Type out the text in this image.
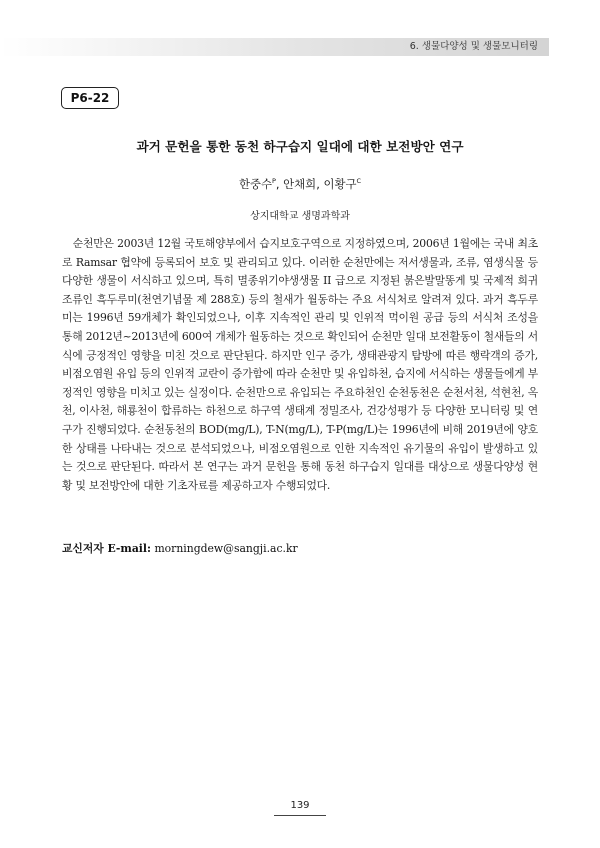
6. 생물다양성 및 생물모니터링
P6-22
과거 문헌을 통한 동천 하구습지 일대에 대한 보전방안 연구
한중수$^P$, 안채희, 이황구$^C$
상지대학교 생명과학과
순천만은 2003년 12월 국토해양부에서 습지보호구역으로 지정하였으며, 2006년 1월에는 국내 최초로 Ramsar 협약에 등록되어 보호 및 관리되고 있다. 이러한 순천만에는 저서생물과, 조류, 염생식물 등 다양한 생물이 서식하고 있으며, 특히 멸종위기야생생물 II 급으로 지정된 붉은발말똥게 및 국제적 희귀조류인 흑두루미(천연기념물 제 288호) 등의 철새가 월동하는 주요 서식처로 알려져 있다. 과거 흑두루미는 1996년 59개체가 확인되었으나, 이후 지속적인 관리 및 인위적 먹이원 공급 등의 서식처 조성을 통해 2012년~2013년에 600여 개체가 월동하는 것으로 확인되어 순천만 일대 보전활동이 철새들의 서식에 긍정적인 영향을 미친 것으로 판단된다. 하지만 인구 증가, 생태관광지 탐방에 따른 행락객의 증가, 비점오염원 유입 등의 인위적 교란이 증가함에 따라 순천만 및 유입하천, 습지에 서식하는 생물들에게 부정적인 영향을 미치고 있는 실정이다. 순천만으로 유입되는 주요하천인 순천동천은 순천서천, 석현천, 옥천, 이사천, 해룡천이 합류하는 하천으로 하구역 생태계 정밀조사, 건강성평가 등 다양한 모니터링 및 연구가 진행되었다. 순천동천의 BOD(mg/L), T-N(mg/L), T-P(mg/L)는 1996년에 비해 2019년에 양호한 상태를 나타내는 것으로 분석되었으나, 비점오염원으로 인한 지속적인 유기물의 유입이 발생하고 있는 것으로 판단된다. 따라서 본 연구는 과거 문헌을 통해 동천 하구습지 일대를 대상으로 생물다양성 현황 및 보전방안에 대한 기초자료를 제공하고자 수행되었다.
교신저자 E-mail: morningdew@sangji.ac.kr
139
